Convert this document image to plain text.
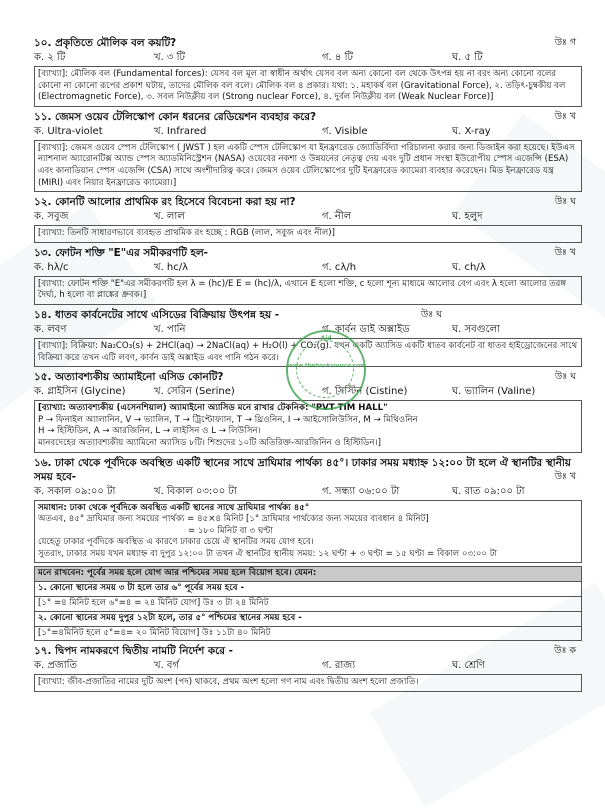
১০. প্রকৃতিতে মৌলিক বল কয়টি?	উঃ গ
ক. ২ টি	খ. ৩ টি	গ. ৪ টি	ঘ. ৫ টি
[ব্যাখ্যা]: মৌলিক বল (Fundamental forces): যেসব বল মূল বা স্বাধীন অর্থাৎ যেসব বল অন্য কোনো বল থেকে উৎপন্ন হয় না বরং অন্য কোনো বলের কোনো না কোনো রূপের প্রকাশ ঘটায়, তাদের মৌলিক বল বলে। মৌলিক বল ৪ প্রকার। যথা: ১. মহাকর্ষ বল (Gravitational Force), ২. তড়িৎ-চুম্বকীয় বল (Electromagnetic Force), ৩. সবল নিউক্লীয় বল (Strong nuclear Force), ৪. দুর্বল নিউক্লীয় বল (Weak Nuclear Force)]
১১. জেমস ওয়েব টেলিস্কোপ কোন ধরনের রেডিয়েশন ব্যবহার করে?	উঃ খ
ক. Ultra-violet	খ. Infrared	গ. Visible	ঘ. X-ray
[ব্যাখ্যা]: জেমস ওয়েব স্পেস টেলিস্কোপ ( JWST ) হল একটি স্পেস টেলিস্কোপ যা ইনফ্রারেড জ্যোতির্বিদ্যা পরিচালনা করার জন্য ডিজাইন করা হয়েছে। ইউএস ন্যাশনাল অ্যারোনটিক্স অ্যান্ড স্পেস অ্যাডমিনিস্ট্রেশন (NASA) ওয়েবের নকশা ও উন্নয়নের নেতৃত্ব দেয় এবং দুটি প্রধান সংস্থা ইউরোপীয় স্পেস এজেন্সি (ESA) এবং কানাডিয়ান স্পেস এজেন্সি (CSA) সাথে অংশীদারিত্ব করে। জেমস ওয়েব টেলিস্কোপের দুটি ইনফ্রারেড ক্যামেরা ব্যবহার করেছেন। মিড ইনফ্রারেড যন্ত্র (MIRI) এবং নিয়ার ইনফ্রারেড ক্যামেরা।]
১২. কোনটি আলোর প্রাথমিক রং হিসেবে বিবেচনা করা হয় না?	উঃ ঘ
ক. সবুজ	খ. লাল	গ. নীল	ঘ. হলুদ
[ব্যাখ্যা: তিনটি সাধারণভাবে ব্যবহৃত প্রাথমিক রং হচ্ছে : RGB (লাল, সবুজ এবং নীল)]
১৩. ফোটন শক্তি "E"এর সমীকরণটি হল-	উঃ খ
ক. hλ/c	খ. hc/λ	গ. cλ/h	ঘ. ch/λ
[ব্যাখ্যা: ফোটন শক্তি "E"এর সমীকরণটি হল λ = (hc)/E E = (hc)/λ, এখানে E হলো শক্তি, c হলো শূন্য মাধ্যমে আলোর বেগ এবং λ হলো আলোর তরঙ্গ দৈর্ঘ্য, h হলো বা প্লাঙ্কের ধ্রুবক।]
১৪. ধাতব কার্বনেটের সাথে এসিডের বিক্রিয়ায় উৎপন্ন হয় -	উঃ ঘ
ক. লবণ	খ. পানি	গ. কার্বন ডাই অক্সাইড	ঘ. সবগুলো
[ব্যাখ্যা]: বিক্রিয়া: Na₂CO₃(s) + 2HCl(aq) → 2NaCl(aq) + H₂O(l) + CO₂(g). যখন একটি অ্যাসিড একটি ধাতব কার্বনেট বা ধাতব হাইড্রোজেনের সাথে বিক্রিয়া করে তখন এটি লবণ, কার্বন ডাই অক্সাইড এবং পানি গঠন করে।
১৫. অত্যাবশ্যকীয় অ্যামাইনো এসিড কোনটি?	উঃ ঘ
ক. গ্লাইসিন (Glycine)	খ. সেরিন (Serine)	গ. সিস্টিন (Cistine)	ঘ. ভ্যালিন (Valine)
[ব্যাখ্যা: অত্যাবশ্যকীয় (এসেনশিয়াল) অ্যামাইনো অ্যাসিড মনে রাখার টেকনিক: "PVT TIM HALL"
P → ফিনাইল অ্যালানিন, V → ভ্যালিন, T → ট্রিপ্টোফ্যান, T → থ্রিওনিন, I → আইসোলিউসিন, M → মিথিওনিন
H → হিস্টিডিন, A → আরজিনিন, L → লাইসিন ও L → লিউসিন।
মানবদেহের অত্যাবশ্যকীয় অ্যামিনো অ্যাসিড ৮টি। শিশুদের ১০টি অতিরিক্ত-আরজিনিন ও হিস্টিডিন।]
১৬. ঢাকা থেকে পূর্বদিকে অবস্থিত একটি স্থানের সাথে দ্রাঘিমার পার্থক্য ৪৫°। ঢাকার সময় মধ্যাহ্ন ১২:০০ টা হলে ঐ স্থানটির স্থানীয় সময় হবে-	উঃ খ
ক. সকাল ০৯:০০ টা	খ. বিকাল ০৩:০০ টা	গ. সন্ধ্যা ০৬:০০ টা	ঘ. রাত ০৯:০০ টা
সমাধান: ঢাকা থেকে পূর্বদিকে অবস্থিত একটি স্থানের সাথে দ্রাঘিমার পার্থক্য ৪৫°
অতএব, ৪৫° দ্রাঘিমার জন্য সময়ের পার্থক্য = ৪৫×৪ মিনিট [১° দ্রাঘিমার পার্থক্যের জন্য সময়ের ব্যবধান ৪ মিনিট]
= ১৮০ মিনিট বা ৩ ঘণ্টা
যেহেতু ঢাকার পূর্বদিকে অবস্থিত এ কারণে ঢাকার চেয়ে ঐ স্থানটির সময় যোগ হবে।
সুতরাং, ঢাকার সময় যখন মধ্যাহ্ন বা দুপুর ১২:০০ টা তখন ঐ স্থানটির স্থানীয় সময়: ১২ ঘণ্টা + ৩ ঘণ্টা = ১৫ ঘণ্টা = বিকাল ০৩:০০ টা
মনে রাখবেন: পূর্বের সময় হলে যোগ আর পশ্চিমের সময় হলে বিয়োগ হবে। যেমন:
১. কোনো স্থানের সময় ৩ টা হলে তার ৬° পূর্বের সময় হবে -
[১° =৪ মিনিট হলে ৬°=৪ = ২৪ মিনিট যোগ] উঃ ৩ টা ২৪ মিনিট
২. কোনো স্থানের সময় দুপুর ১২টা হলে, তার ৫° পশ্চিমের স্থানের সময় হবে -
[১°=৪মিনিট হলে ৫°=৪= ২০ মিনিট বিয়োগ] উঃ ১১টা ৪০ মিনিট
১৭. দ্বিপদ নামকরণে দ্বিতীয় নামটি নির্দেশ করে -	উঃ ক
ক. প্রজাতি	খ. বর্গ	গ. রাজ্য	ঘ. শ্রেণি
[ব্যাখ্যা: জীব-প্রজাতির নামের দুটি অংশ (পদ) থাকবে, প্রথম অংশ হলো গণ নাম এবং দ্বিতীয় অংশ হলো প্রজাতি।
Aid
www.thebooksource.com
